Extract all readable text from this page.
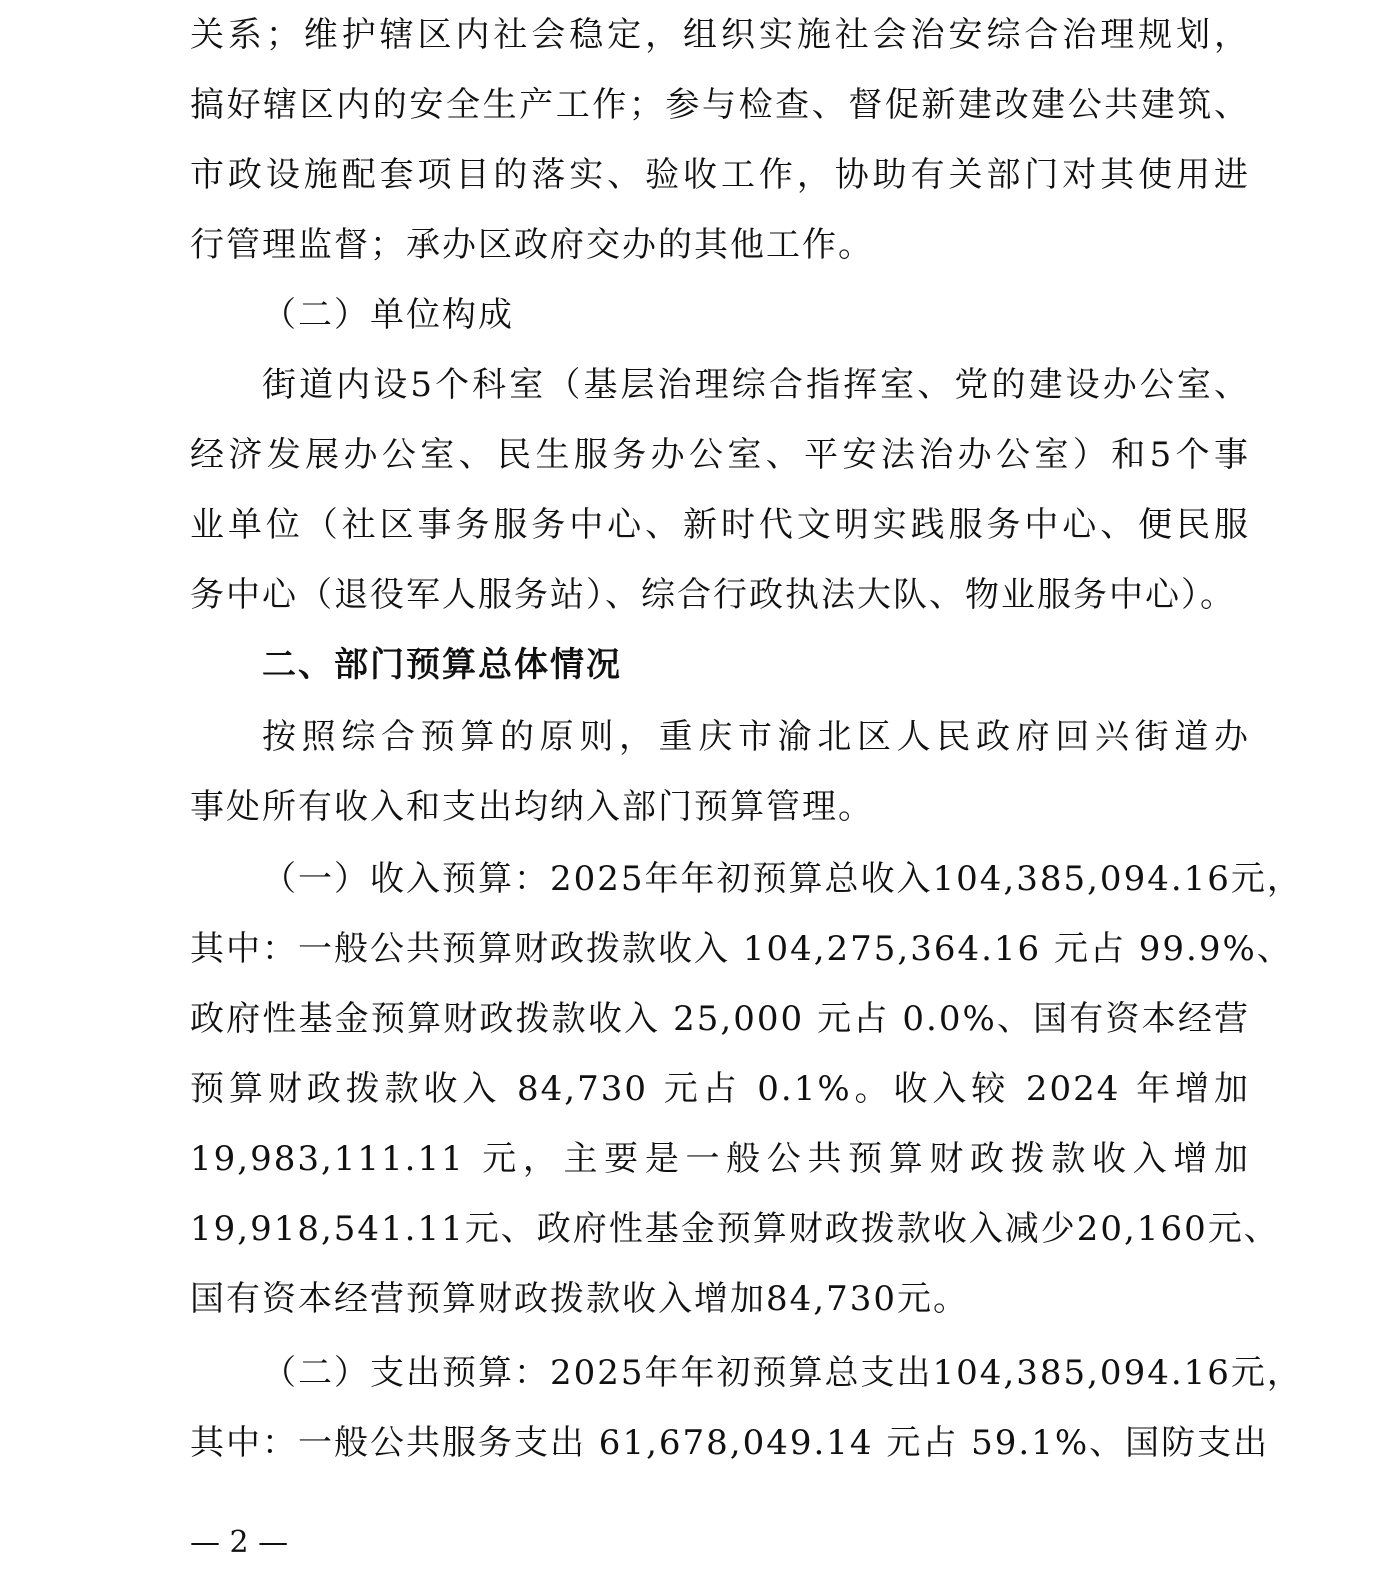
关系；维护辖区内社会稳定，组织实施社会治安综合治理规划，
搞好辖区内的安全生产工作；参与检查、督促新建改建公共建筑、
市政设施配套项目的落实、验收工作，协助有关部门对其使用进
行管理监督；承办区政府交办的其他工作。
（二）单位构成
街道内设5个科室（基层治理综合指挥室、党的建设办公室、
经济发展办公室、民生服务办公室、平安法治办公室）和5个事
业单位（社区事务服务中心、新时代文明实践服务中心、便民服
务中心（退役军人服务站）、综合行政执法大队、物业服务中心）。
二、部门预算总体情况
按照综合预算的原则，重庆市渝北区人民政府回兴街道办
事处所有收入和支出均纳入部门预算管理。
（一）收入预算：2025年年初预算总收入104,385,094.16元，
其中：一般公共预算财政拨款收入 104,275,364.16 元占 99.9%、
政府性基金预算财政拨款收入 25,000 元占 0.0%、国有资本经营
预算财政拨款收入 84,730 元占 0.1%。收入较 2024 年增加
19,983,111.11 元，主要是一般公共预算财政拨款收入增加
19,918,541.11元、政府性基金预算财政拨款收入减少20,160元、
国有资本经营预算财政拨款收入增加84,730元。
（二）支出预算：2025年年初预算总支出104,385,094.16元，
其中：一般公共服务支出 61,678,049.14 元占 59.1%、国防支出
— 2 —
